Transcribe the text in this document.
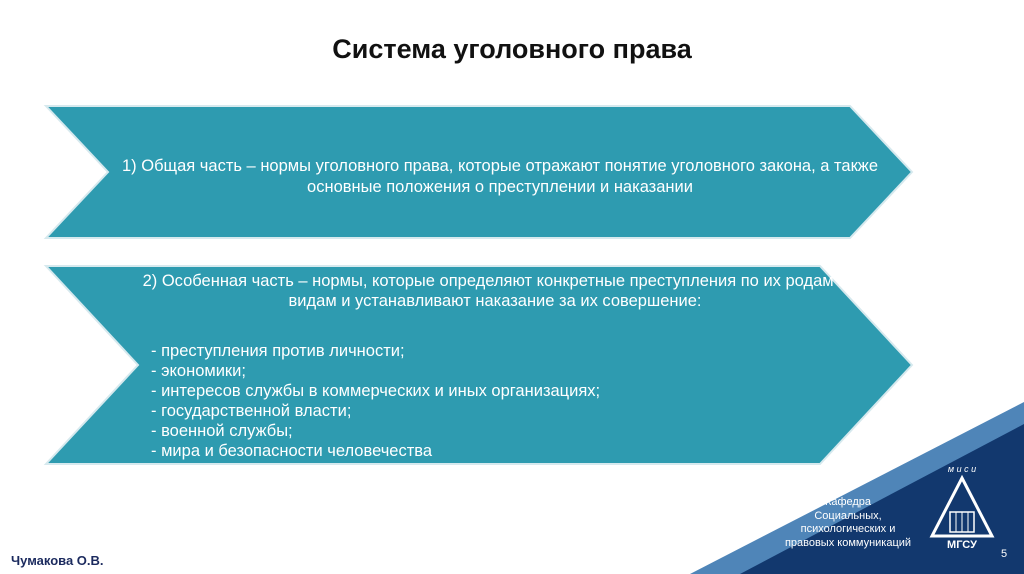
Система уголовного права
1) Общая часть – нормы уголовного права, которые отражают понятие уголовного закона, а также основные положения о преступлении и наказании
2) Особенная часть – нормы, которые определяют конкретные преступления по их родам и видам и устанавливают наказание за их совершение:
- преступления против личности;
- экономики;
- интересов службы в коммерческих и иных организациях;
- государственной власти;
- военной службы;
- мира и безопасности человечества
Кафедра
Социальных,
психологических и
правовых коммуникаций
м и с и
МГСУ
5
Чумакова О.В.
